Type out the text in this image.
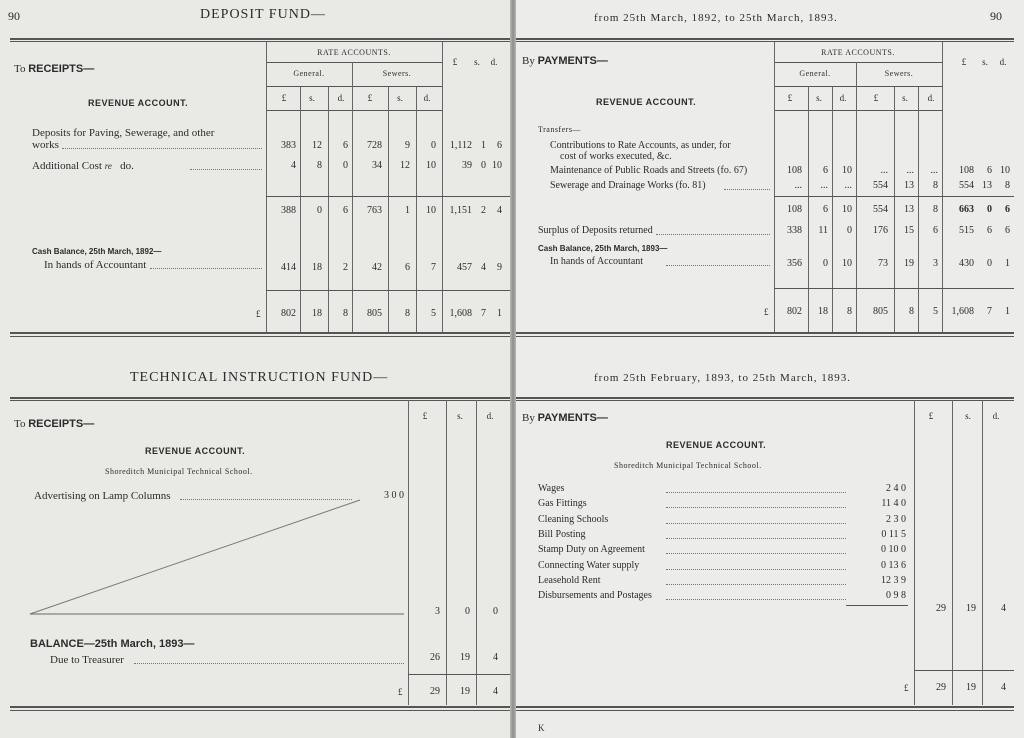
90	DEPOSIT FUND—
To RECEIPTS—
RATE ACCOUNTS.
General.	Sewers.
£	s.	d.
£	s.	d.	£	s.	d.
REVENUE ACCOUNT.
Deposits for Paving, Sewerage, and other
works	383	12	6	728	9	0	1,112 1	6
Additional Cost re do.	4	8	0	34	12	10	39 0 10
388	0	6	763	1	10	1,151 2	4
Cash Balance, 25th March, 1892—
In hands of Accountant	414	18	2	42	6	7	457 4	9
£	802	18	8	805	8	5	1,608 7	1
TECHNICAL INSTRUCTION FUND—
To RECEIPTS—
£	s.	d.
REVENUE ACCOUNT.
Shoreditch Municipal Technical School.
Advertising on Lamp Columns	3 0 0
3	0	0
BALANCE—25th March, 1893—
Due to Treasurer	26	19	4
£	29	19	4
from 25th March, 1892, to 25th March, 1893.	90
By PAYMENTS—
RATE ACCOUNTS.
General.	Sewers.
£	s.	d.
£	s.	d.	£	s.	d.
REVENUE ACCOUNT.
Transfers—
Contributions to Rate Accounts, as under, for
cost of works executed, &c.
Maintenance of Public Roads and Streets (fo. 67)	108	6	10	...	...	...	108	6 10
Sewerage and Drainage Works (fo. 81)	...	...	...	554	13	8	554 13	8
108	6	10	554	13	8	663	0	6
Surplus of Deposits returned	338	11	0	176	15	6	515	6	6
Cash Balance, 25th March, 1893—
In hands of Accountant	356	0	10	73	19	3	430	0	1
£	802	18	8	805	8	5	1,608	7	1
from 25th February, 1893, to 25th March, 1893.
By PAYMENTS—	£	s.	d.
REVENUE ACCOUNT.
Shoreditch Municipal Technical School.
Wages	2 4 0
Gas Fittings	11 4 0
Cleaning Schools	2 3 0
Bill Posting	0 11 5
Stamp Duty on Agreement	0 10 0
Connecting Water supply	0 13 6
Leasehold Rent	12 3 9
Disbursements and Postages	0 9 8
29	19	4
£	29	19	4
K
